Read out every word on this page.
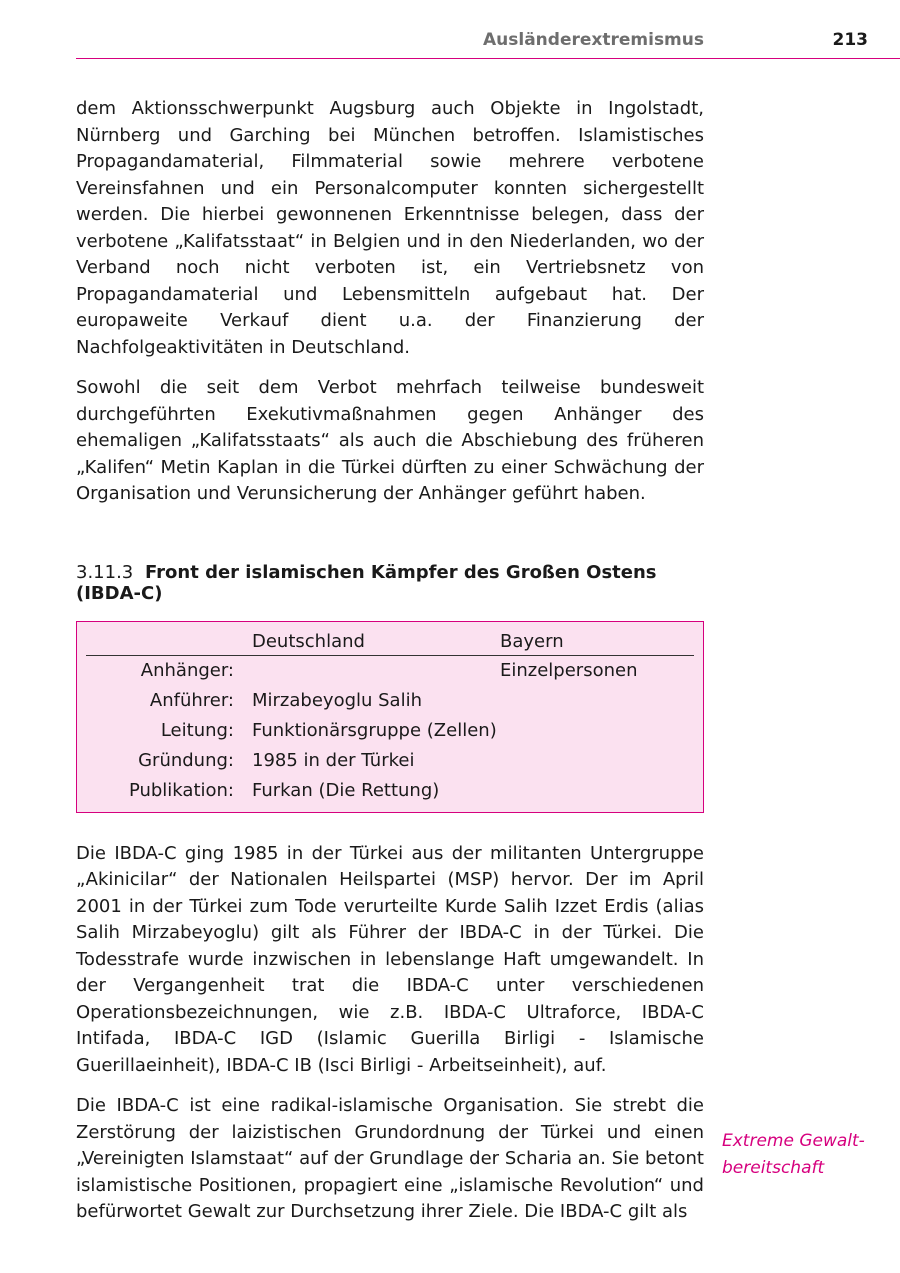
Ausländerextremismus	213

dem Aktionsschwerpunkt Augsburg auch Objekte in Ingolstadt, Nürnberg und Garching bei München betroffen. Islamistisches Propagandamaterial, Filmmaterial sowie mehrere verbotene Vereinsfahnen und ein Personalcomputer konnten sichergestellt werden. Die hierbei gewonnenen Erkenntnisse belegen, dass der verbotene „Kalifatsstaat“ in Belgien und in den Niederlanden, wo der Verband noch nicht verboten ist, ein Vertriebsnetz von Propagandamaterial und Lebensmitteln aufgebaut hat. Der europaweite Verkauf dient u.a. der Finanzierung der Nachfolgeaktivitäten in Deutschland.

Sowohl die seit dem Verbot mehrfach teilweise bundesweit durchgeführten Exekutivmaßnahmen gegen Anhänger des ehemaligen „Kalifatsstaats“ als auch die Abschiebung des früheren „Kalifen“ Metin Kaplan in die Türkei dürften zu einer Schwächung der Organisation und Verunsicherung der Anhänger geführt haben.

3.11.3 Front der islamischen Kämpfer des Großen Ostens (IBDA-C)
	Deutschland	Bayern
Anhänger:		Einzelpersonen
Anführer:	Mirzabeyoglu Salih	
Leitung:	Funktionärsgruppe (Zellen)	
Gründung:	1985 in der Türkei	
Publikation:	Furkan (Die Rettung)	

Die IBDA-C ging 1985 in der Türkei aus der militanten Untergruppe „Akinicilar“ der Nationalen Heilspartei (MSP) hervor. Der im April 2001 in der Türkei zum Tode verurteilte Kurde Salih Izzet Erdis (alias Salih Mirzabeyoglu) gilt als Führer der IBDA-C in der Türkei. Die Todesstrafe wurde inzwischen in lebenslange Haft umgewandelt. In der Vergangenheit trat die IBDA-C unter verschiedenen Operationsbezeichnungen, wie z.B. IBDA-C Ultraforce, IBDA-C Intifada, IBDA-C IGD (Islamic Guerilla Birligi - Islamische Guerillaeinheit), IBDA-C IB (Isci Birligi - Arbeitseinheit), auf.

Die IBDA-C ist eine radikal-islamische Organisation. Sie strebt die Zerstörung der laizistischen Grundordnung der Türkei und einen „Vereinigten Islamstaat“ auf der Grundlage der Scharia an. Sie betont islamistische Positionen, propagiert eine „islamische Revolution“ und befürwortet Gewalt zur Durchsetzung ihrer Ziele. Die IBDA-C gilt als

Extreme Gewalt-
bereitschaft
